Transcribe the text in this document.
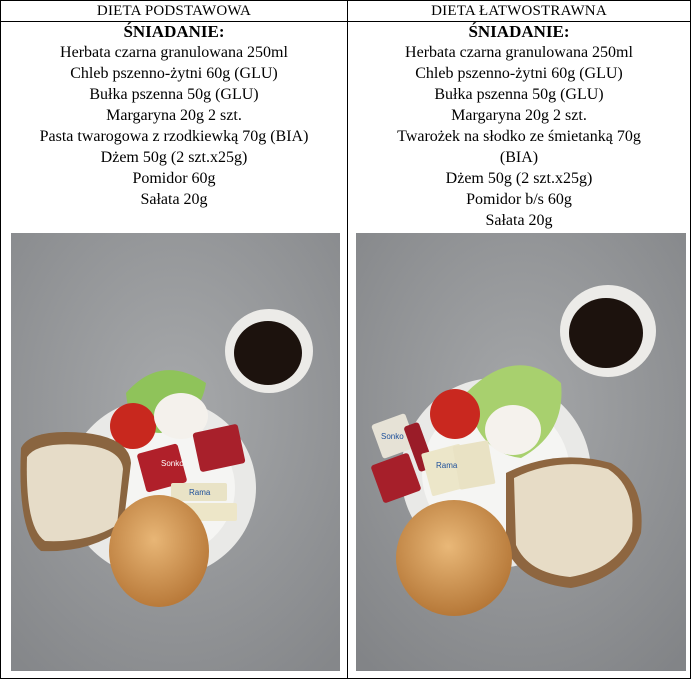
DIETA PODSTAWOWA

ŚNIADANIE:

Herbata czarna granulowana 250ml
Chleb pszenno-żytni 60g (GLU)
Bułka pszenna 50g (GLU)
Margaryna 20g 2 szt.
Pasta twarogowa z rzodkiewką 70g (BIA)
Dżem 50g (2 szt.x25g)
Pomidor 60g
Sałata 20g
Sonko
Rama
DIETA ŁATWOSTRAWNA

ŚNIADANIE:

Herbata czarna granulowana 250ml
Chleb pszenno-żytni 60g (GLU)
Bułka pszenna 50g (GLU)
Margaryna 20g 2 szt.
Twarożek na słodko ze śmietanką 70g
(BIA)
Dżem 50g (2 szt.x25g)
Pomidor b/s 60g
Sałata 20g
Sonko
Rama
